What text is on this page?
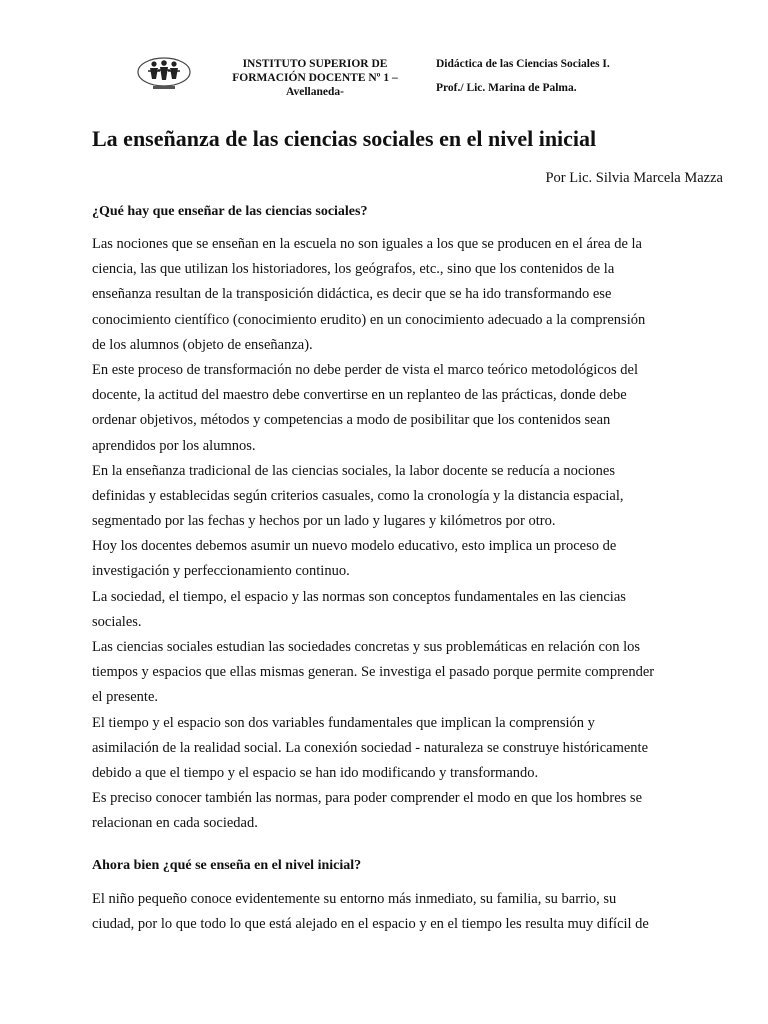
INSTITUTO SUPERIOR DE
FORMACIÓN DOCENTE Nº 1 –
Avellaneda-
Didáctica de las Ciencias Sociales I.
Prof./ Lic. Marina de Palma.
La enseñanza de las ciencias sociales en el nivel inicial
Por Lic. Silvia Marcela Mazza
¿Qué hay que enseñar de las ciencias sociales?
Las nociones que se enseñan en la escuela no son iguales a los que se producen en el área de la
ciencia, las que utilizan los historiadores, los geógrafos, etc., sino que los contenidos de la
enseñanza resultan de la transposición didáctica, es decir que se ha ido transformando ese
conocimiento científico (conocimiento erudito) en un conocimiento adecuado a la comprensión
de los alumnos (objeto de enseñanza).
En este proceso de transformación no debe perder de vista el marco teórico metodológicos del
docente, la actitud del maestro debe convertirse en un replanteo de las prácticas, donde debe
ordenar objetivos, métodos y competencias a modo de posibilitar que los contenidos sean
aprendidos por los alumnos.
En la enseñanza tradicional de las ciencias sociales, la labor docente se reducía a nociones
definidas y establecidas según criterios casuales, como la cronología y la distancia espacial,
segmentado por las fechas y hechos por un lado y lugares y kilómetros por otro.
Hoy los docentes debemos asumir un nuevo modelo educativo, esto implica un proceso de
investigación y perfeccionamiento continuo.
La sociedad, el tiempo, el espacio y las normas son conceptos fundamentales en las ciencias
sociales.
Las ciencias sociales estudian las sociedades concretas y sus problemáticas en relación con los
tiempos y espacios que ellas mismas generan. Se investiga el pasado porque permite comprender
el presente.
El tiempo y el espacio son dos variables fundamentales que implican la comprensión y
asimilación de la realidad social. La conexión sociedad - naturaleza se construye históricamente
debido a que el tiempo y el espacio se han ido modificando y transformando.
Es preciso conocer también las normas, para poder comprender el modo en que los hombres se
relacionan en cada sociedad.
Ahora bien ¿qué se enseña en el nivel inicial?
El niño pequeño conoce evidentemente su entorno más inmediato, su familia, su barrio, su
ciudad, por lo que todo lo que está alejado en el espacio y en el tiempo les resulta muy difícil de
